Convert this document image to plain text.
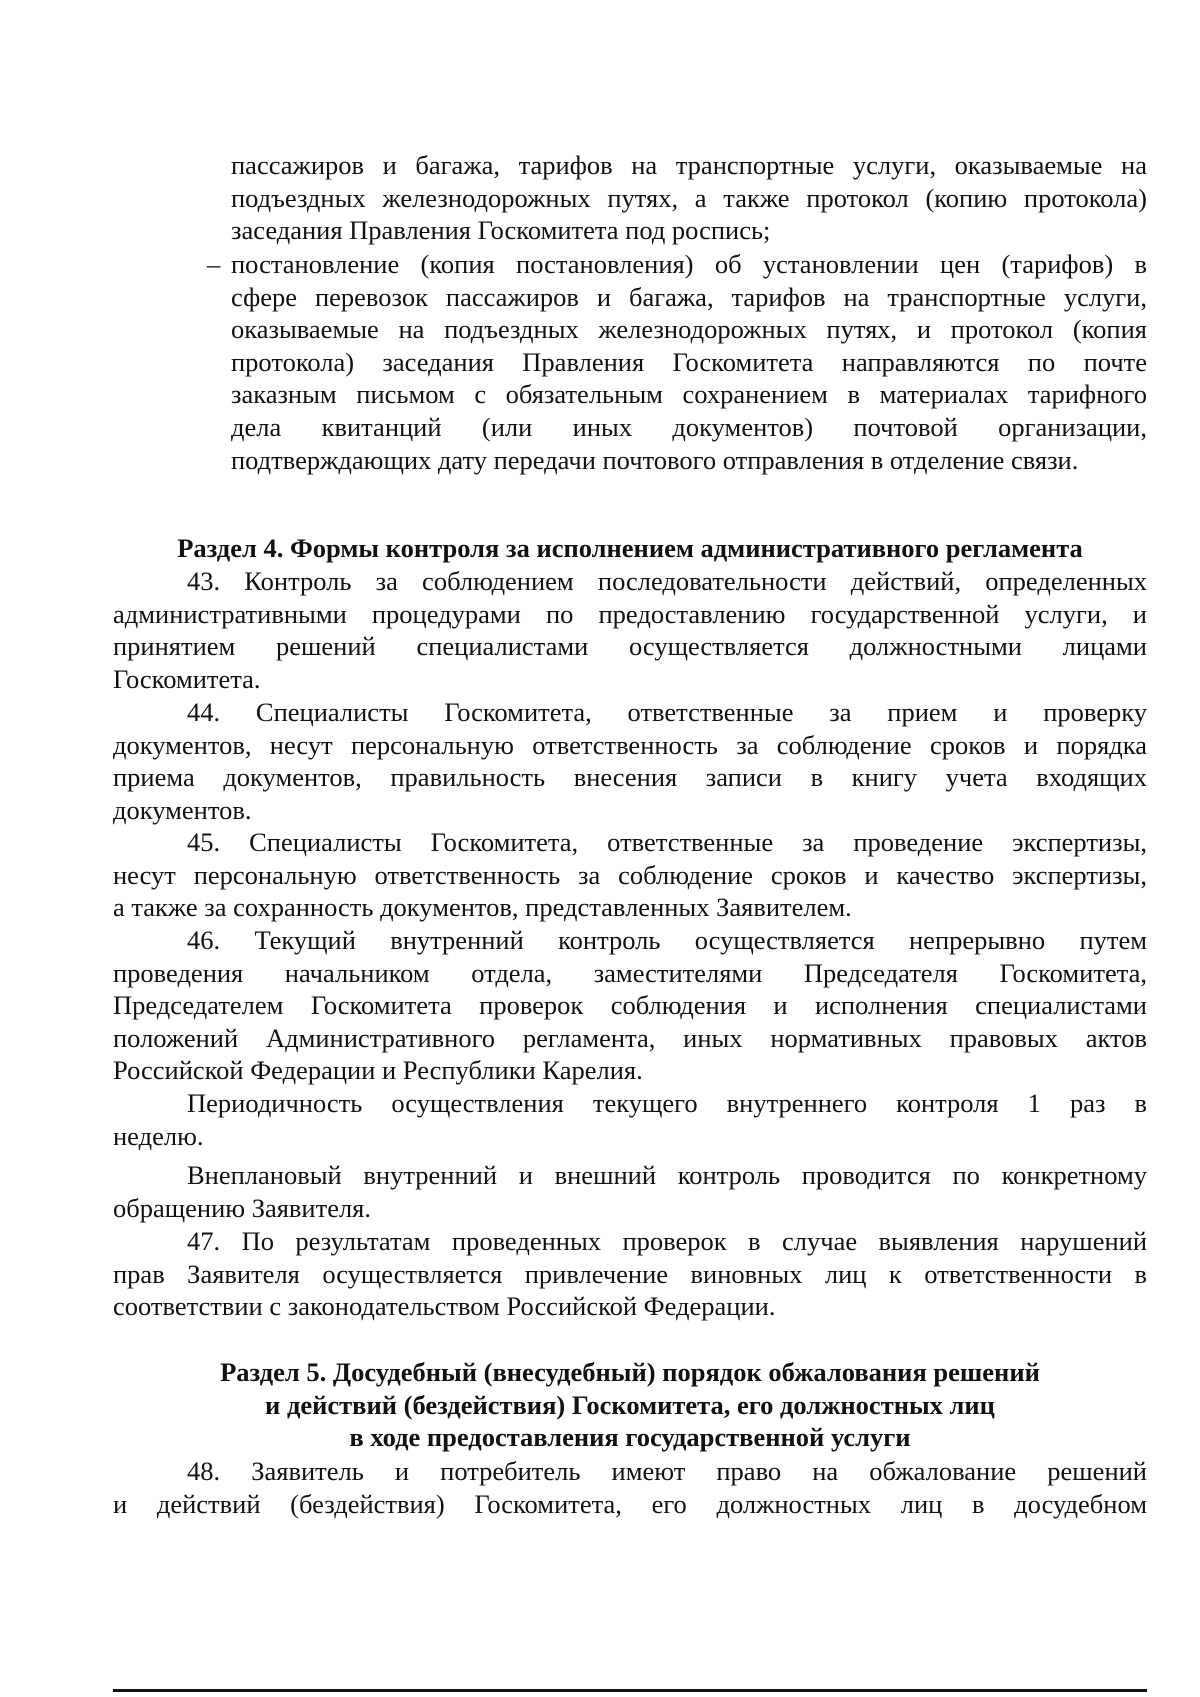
пассажиров и багажа, тарифов на транспортные услуги, оказываемые на
подъездных железнодорожных путях, а также протокол (копию протокола)
заседания Правления Госкомитета под роспись;
– постановление (копия постановления) об установлении цен (тарифов) в
сфере перевозок пассажиров и багажа, тарифов на транспортные услуги,
оказываемые на подъездных железнодорожных путях, и протокол (копия
протокола) заседания Правления Госкомитета направляются по почте
заказным письмом с обязательным сохранением в материалах тарифного
дела квитанций (или иных документов) почтовой организации,
подтверждающих дату передачи почтового отправления в отделение связи.
Раздел 4. Формы контроля за исполнением административного регламента
43. Контроль за соблюдением последовательности действий, определенных
административными процедурами по предоставлению государственной услуги, и
принятием решений специалистами осуществляется должностными лицами
Госкомитета.
44. Специалисты Госкомитета, ответственные за прием и проверку
документов, несут персональную ответственность за соблюдение сроков и порядка
приема документов, правильность внесения записи в книгу учета входящих
документов.
45. Специалисты Госкомитета, ответственные за проведение экспертизы,
несут персональную ответственность за соблюдение сроков и качество экспертизы,
а также за сохранность документов, представленных Заявителем.
46. Текущий внутренний контроль осуществляется непрерывно путем
проведения начальником отдела, заместителями Председателя Госкомитета,
Председателем Госкомитета проверок соблюдения и исполнения специалистами
положений Административного регламента, иных нормативных правовых актов
Российской Федерации и Республики Карелия.
Периодичность осуществления текущего внутреннего контроля 1 раз в
неделю.
Внеплановый внутренний и внешний контроль проводится по конкретному
обращению Заявителя.
47. По результатам проведенных проверок в случае выявления нарушений
прав Заявителя осуществляется привлечение виновных лиц к ответственности в
соответствии с законодательством Российской Федерации.
Раздел 5. Досудебный (внесудебный) порядок обжалования решений
и действий (бездействия) Госкомитета, его должностных лиц
в ходе предоставления государственной услуги
48. Заявитель и потребитель имеют право на обжалование решений
и действий (бездействия) Госкомитета, его должностных лиц в досудебном
